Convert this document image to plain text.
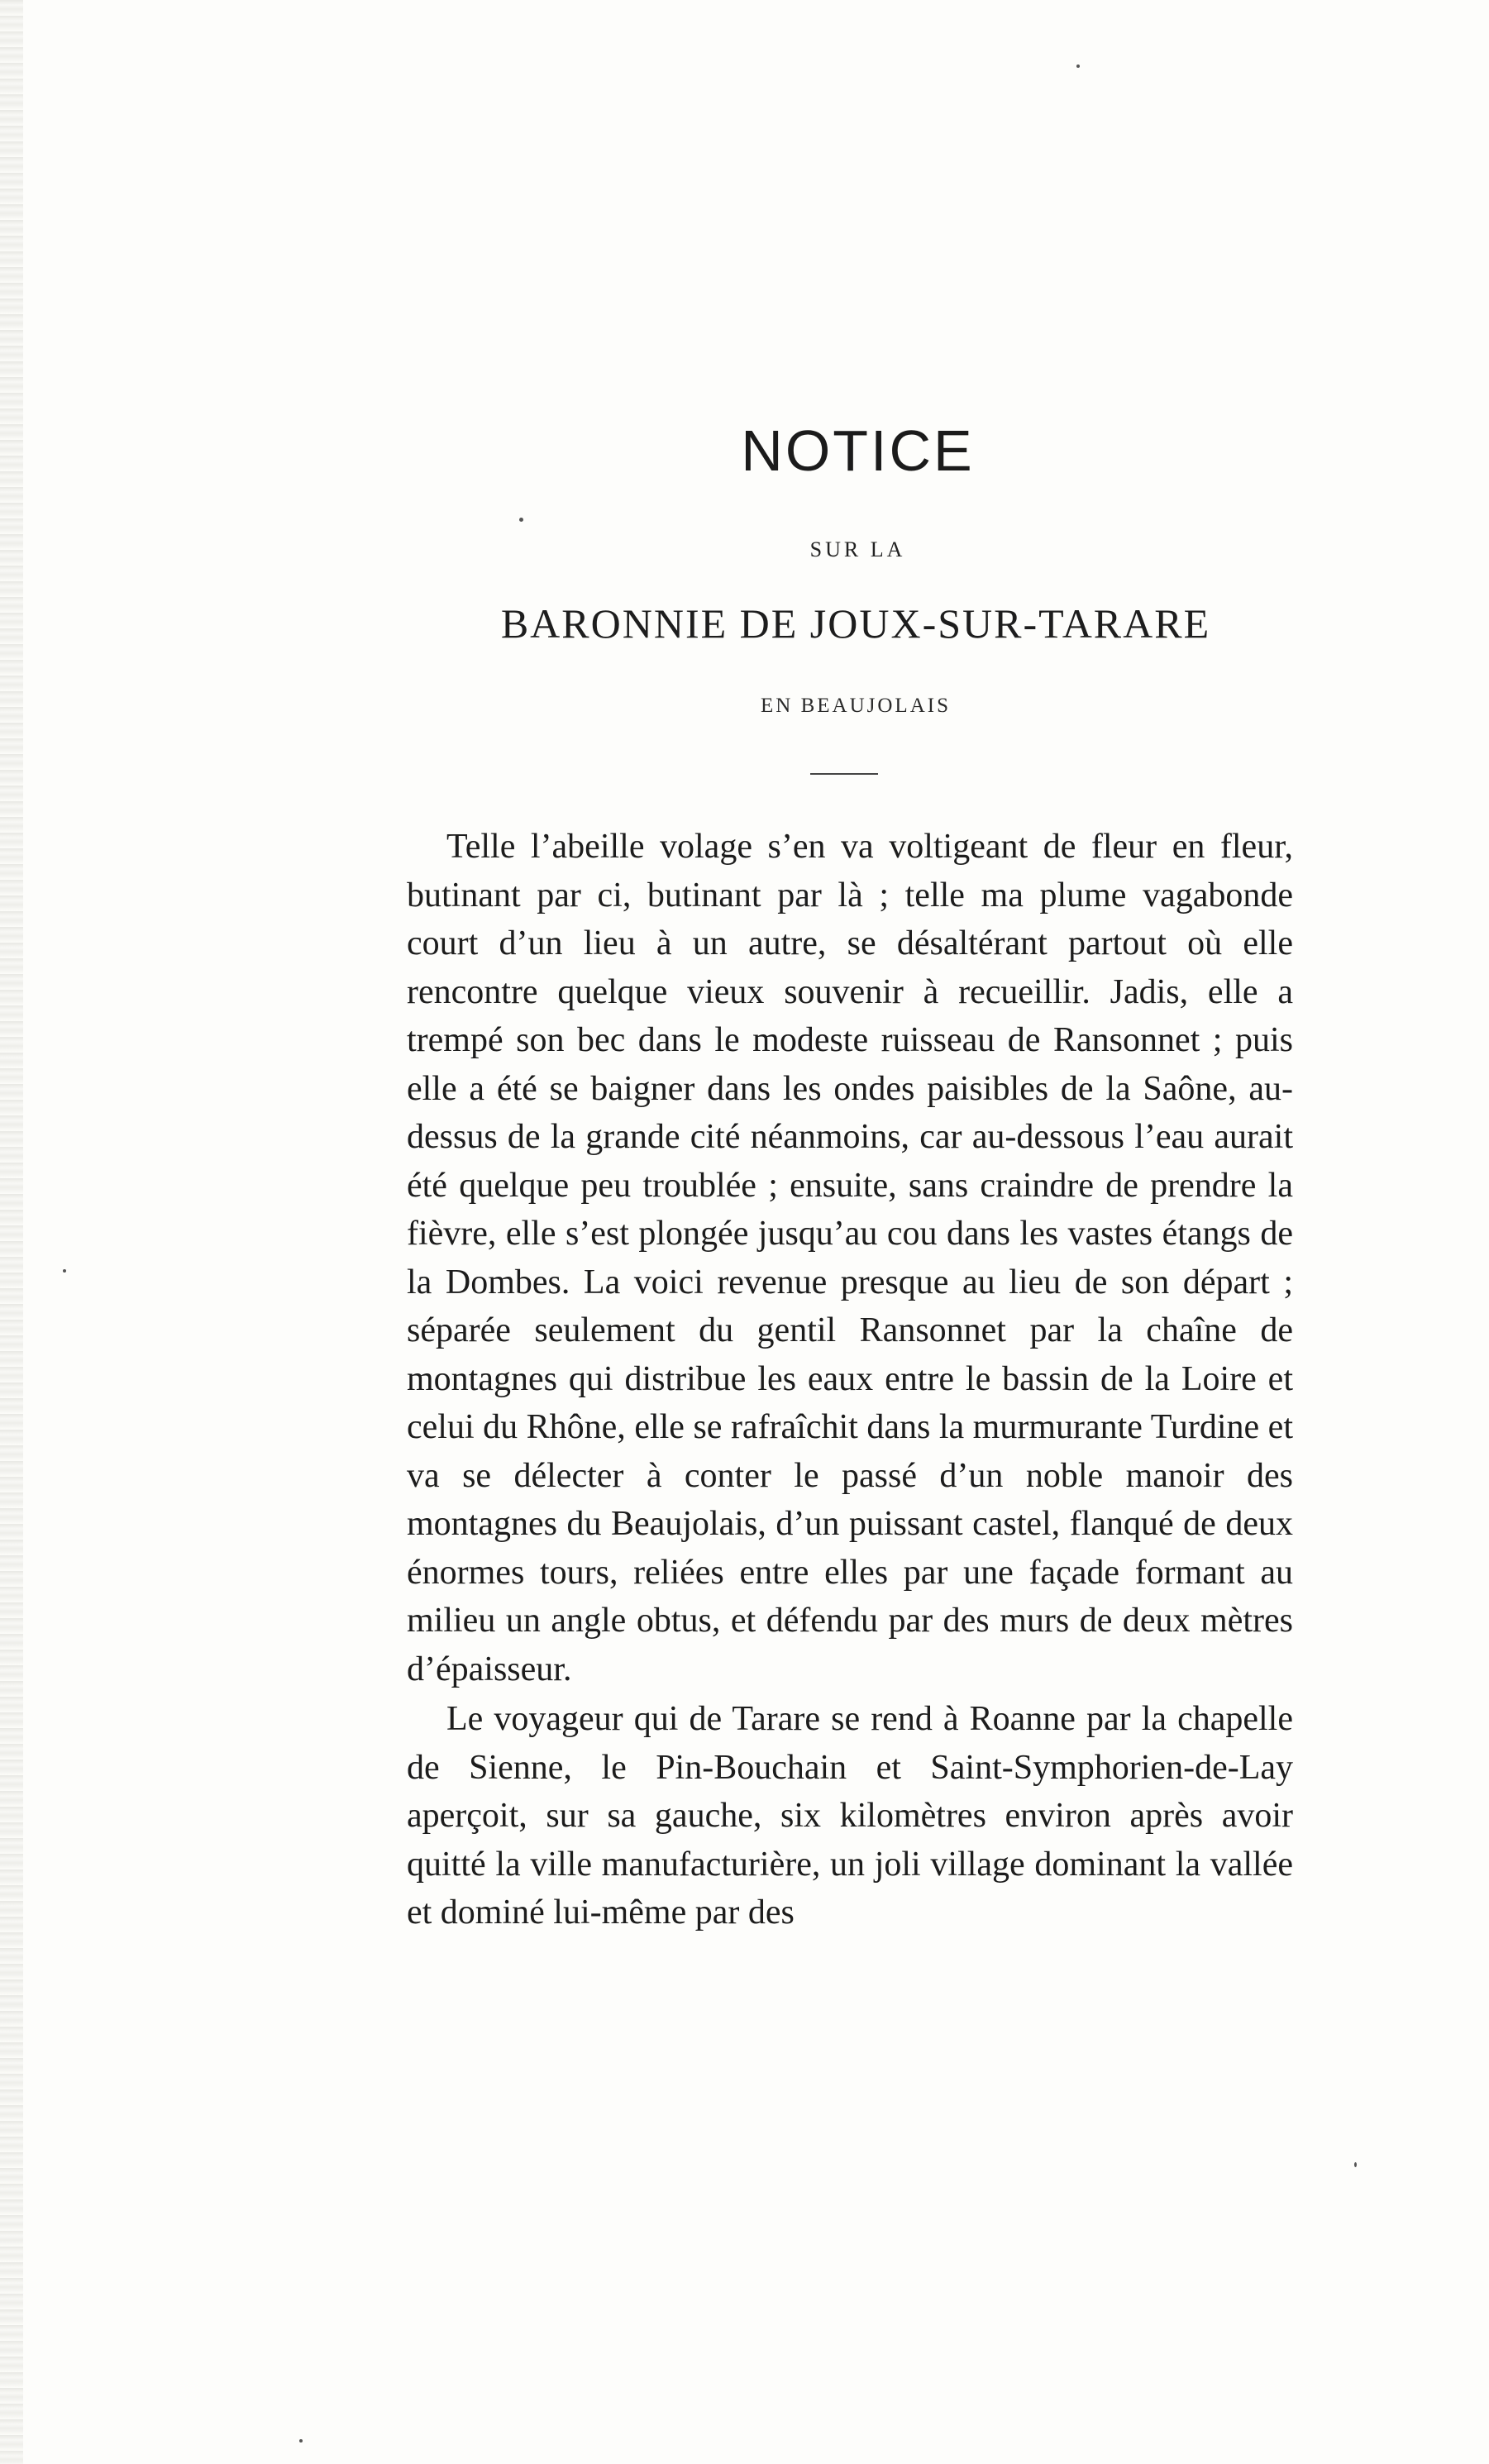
NOTICE
SUR LA
BARONNIE DE JOUX-SUR-TARARE
EN BEAUJOLAIS

Telle l’abeille volage s’en va voltigeant de fleur en fleur, butinant par ci, butinant par là ; telle ma plume vagabonde court d’un lieu à un autre, se désaltérant partout où elle rencontre quelque vieux souvenir à recueillir. Jadis, elle a trempé son bec dans le modeste ruisseau de Ransonnet ; puis elle a été se baigner dans les ondes paisibles de la Saône, au-dessus de la grande cité néanmoins, car au-dessous l’eau aurait été quelque peu troublée ; ensuite, sans craindre de prendre la fièvre, elle s’est plongée jusqu’au cou dans les vastes étangs de la Dombes. La voici revenue presque au lieu de son départ ; séparée seulement du gentil Ransonnet par la chaîne de montagnes qui distribue les eaux entre le bassin de la Loire et celui du Rhône, elle se rafraîchit dans la murmurante Turdine et va se délecter à conter le passé d’un noble manoir des montagnes du Beaujolais, d’un puissant castel, flanqué de deux énormes tours, reliées entre elles par une façade formant au milieu un angle obtus, et défendu par des murs de deux mètres d’épaisseur.

Le voyageur qui de Tarare se rend à Roanne par la chapelle de Sienne, le Pin-Bouchain et Saint-Symphorien-de-Lay aperçoit, sur sa gauche, six kilomètres environ après avoir quitté la ville manufacturière, un joli village dominant la vallée et dominé lui-même par des
